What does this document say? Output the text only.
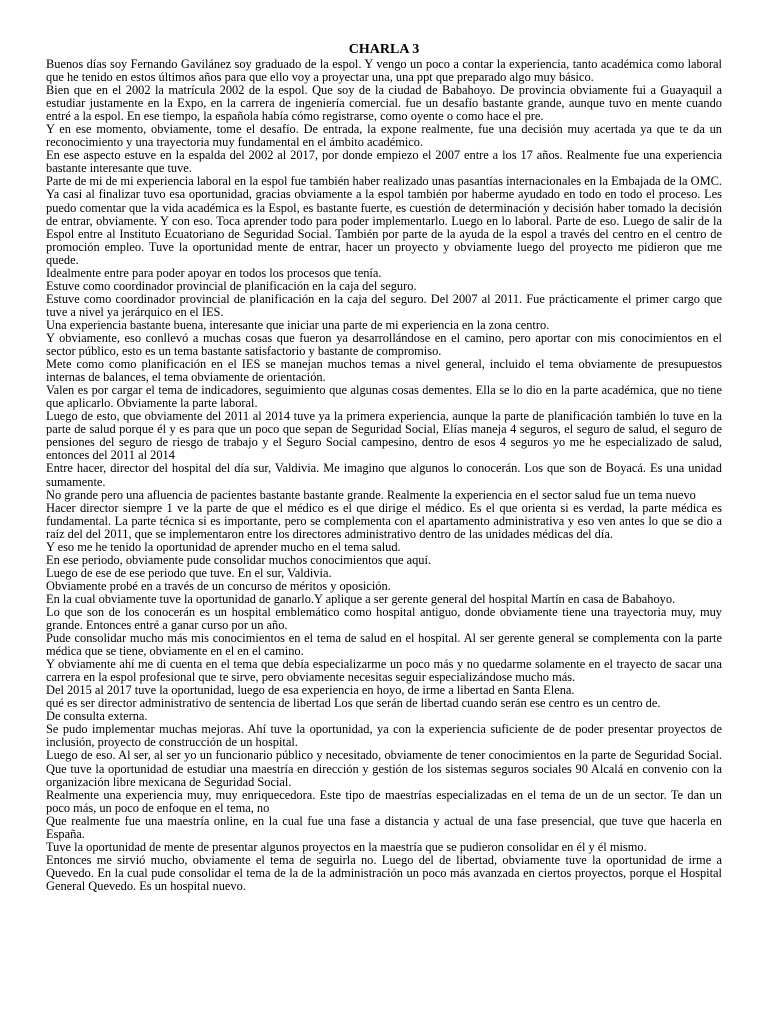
CHARLA 3

Buenos días soy Fernando Gavilánez soy graduado de la espol. Y vengo un poco a contar la experiencia, tanto académica como laboral que he tenido en estos últimos años para que ello voy a proyectar una, una ppt que preparado algo muy básico.

Bien que en el 2002 la matrícula 2002 de la espol. Que soy de la ciudad de Babahoyo. De provincia obviamente fui a Guayaquil a estudiar justamente en la Expo, en la carrera de ingeniería comercial. fue un desafío bastante grande, aunque tuvo en mente cuando entré a la espol. En ese tiempo, la española había cómo registrarse, como oyente o como hace el pre.

Y en ese momento, obviamente, tome el desafío. De entrada, la expone realmente, fue una decisión muy acertada ya que te da un reconocimiento y una trayectoria muy fundamental en el ámbito académico.

En ese aspecto estuve en la espalda del 2002 al 2017, por donde empiezo el 2007 entre a los 17 años. Realmente fue una experiencia bastante interesante que tuve.

Parte de mi de mi experiencia laboral en la espol fue también haber realizado unas pasantías internacionales en la Embajada de la OMC. Ya casi al finalizar tuvo esa oportunidad, gracias obviamente a la espol también por haberme ayudado en todo en todo el proceso. Les puedo comentar que la vida académica es la Espol, es bastante fuerte, es cuestión de determinación y decisión haber tomado la decisión de entrar, obviamente. Y con eso. Toca aprender todo para poder implementarlo. Luego en lo laboral. Parte de eso. Luego de salir de la Espol entre al Instituto Ecuatoriano de Seguridad Social. También por parte de la ayuda de la espol a través del centro en el centro de promoción empleo. Tuve la oportunidad mente de entrar, hacer un proyecto y obviamente luego del proyecto me pidieron que me quede.

Idealmente entre para poder apoyar en todos los procesos que tenía.

Estuve como coordinador provincial de planificación en la caja del seguro.

Estuve como coordinador provincial de planificación en la caja del seguro. Del 2007 al 2011. Fue prácticamente el primer cargo que tuve a nivel ya jerárquico en el IES.

Una experiencia bastante buena, interesante que iniciar una parte de mi experiencia en la zona centro.

Y obviamente, eso conllevó a muchas cosas que fueron ya desarrollándose en el camino, pero aportar con mis conocimientos en el sector público, esto es un tema bastante satisfactorio y bastante de compromiso.

Mete como como planificación en el IES se manejan muchos temas a nivel general, incluido el tema obviamente de presupuestos internas de balances, el tema obviamente de orientación.

Valen es por cargar el tema de indicadores, seguimiento que algunas cosas dementes. Ella se lo dio en la parte académica, que no tiene que aplicarlo. Obviamente la parte laboral.

Luego de esto, que obviamente del 2011 al 2014 tuve ya la primera experiencia, aunque la parte de planificación también lo tuve en la parte de salud porque él y es para que un poco que sepan de Seguridad Social, Elías maneja 4 seguros, el seguro de salud, el seguro de pensiones del seguro de riesgo de trabajo y el Seguro Social campesino, dentro de esos 4 seguros yo me he especializado de salud, entonces del 2011 al 2014

Entre hacer, director del hospital del día sur, Valdivia. Me imagino que algunos lo conocerán. Los que son de Boyacá. Es una unidad sumamente.

No grande pero una afluencia de pacientes bastante bastante grande. Realmente la experiencia en el sector salud fue un tema nuevo

Hacer director siempre 1 ve la parte de que el médico es el que dirige el médico. Es el que orienta si es verdad, la parte médica es fundamental. La parte técnica si es importante, pero se complementa con el apartamento administrativa y eso ven antes lo que se dio a raíz del del 2011, que se implementaron entre los directores administrativo dentro de las unidades médicas del día.

Y eso me he tenido la oportunidad de aprender mucho en el tema salud.

En ese periodo, obviamente pude consolidar muchos conocimientos que aquí.

Luego de ese de ese periodo que tuve. En el sur, Valdivia.

Obviamente probé en a través de un concurso de méritos y oposición.

En la cual obviamente tuve la oportunidad de ganarlo.Y aplique a ser gerente general del hospital Martín en casa de Babahoyo.

Lo que son de los conocerán es un hospital emblemático como hospital antiguo, donde obviamente tiene una trayectoria muy, muy grande. Entonces entré a ganar curso por un año.

Pude consolidar mucho más mis conocimientos en el tema de salud en el hospital. Al ser gerente general se complementa con la parte médica que se tiene, obviamente en el en el camino.

Y obviamente ahí me di cuenta en el tema que debía especializarme un poco más y no quedarme solamente en el trayecto de sacar una carrera en la espol profesional que te sirve, pero obviamente necesitas seguir especializándose mucho más.

Del 2015 al 2017 tuve la oportunidad, luego de esa experiencia en hoyo, de irme a libertad en Santa Elena.

qué es ser director administrativo de sentencia de libertad Los que serán de libertad cuando serán ese centro es un centro de.

De consulta externa.

Se pudo implementar muchas mejoras. Ahí tuve la oportunidad, ya con la experiencia suficiente de de poder presentar proyectos de inclusión, proyecto de construcción de un hospital.

Luego de eso. Al ser, al ser yo un funcionario público y necesitado, obviamente de tener conocimientos en la parte de Seguridad Social. Que tuve la oportunidad de estudiar una maestría en dirección y gestión de los sistemas seguros sociales 90 Alcalá en convenio con la organización libre mexicana de Seguridad Social.

Realmente una experiencia muy, muy enriquecedora. Este tipo de maestrías especializadas en el tema de un de un sector. Te dan un poco más, un poco de enfoque en el tema, no

Que realmente fue una maestría online, en la cual fue una fase a distancia y actual de una fase presencial, que tuve que hacerla en España.

Tuve la oportunidad de mente de presentar algunos proyectos en la maestría que se pudieron consolidar en él y él mismo.

Entonces me sirvió mucho, obviamente el tema de seguirla no. Luego del de libertad, obviamente tuve la oportunidad de irme a Quevedo. En la cual pude consolidar el tema de la de la administración un poco más avanzada en ciertos proyectos, porque el Hospital General Quevedo. Es un hospital nuevo.
